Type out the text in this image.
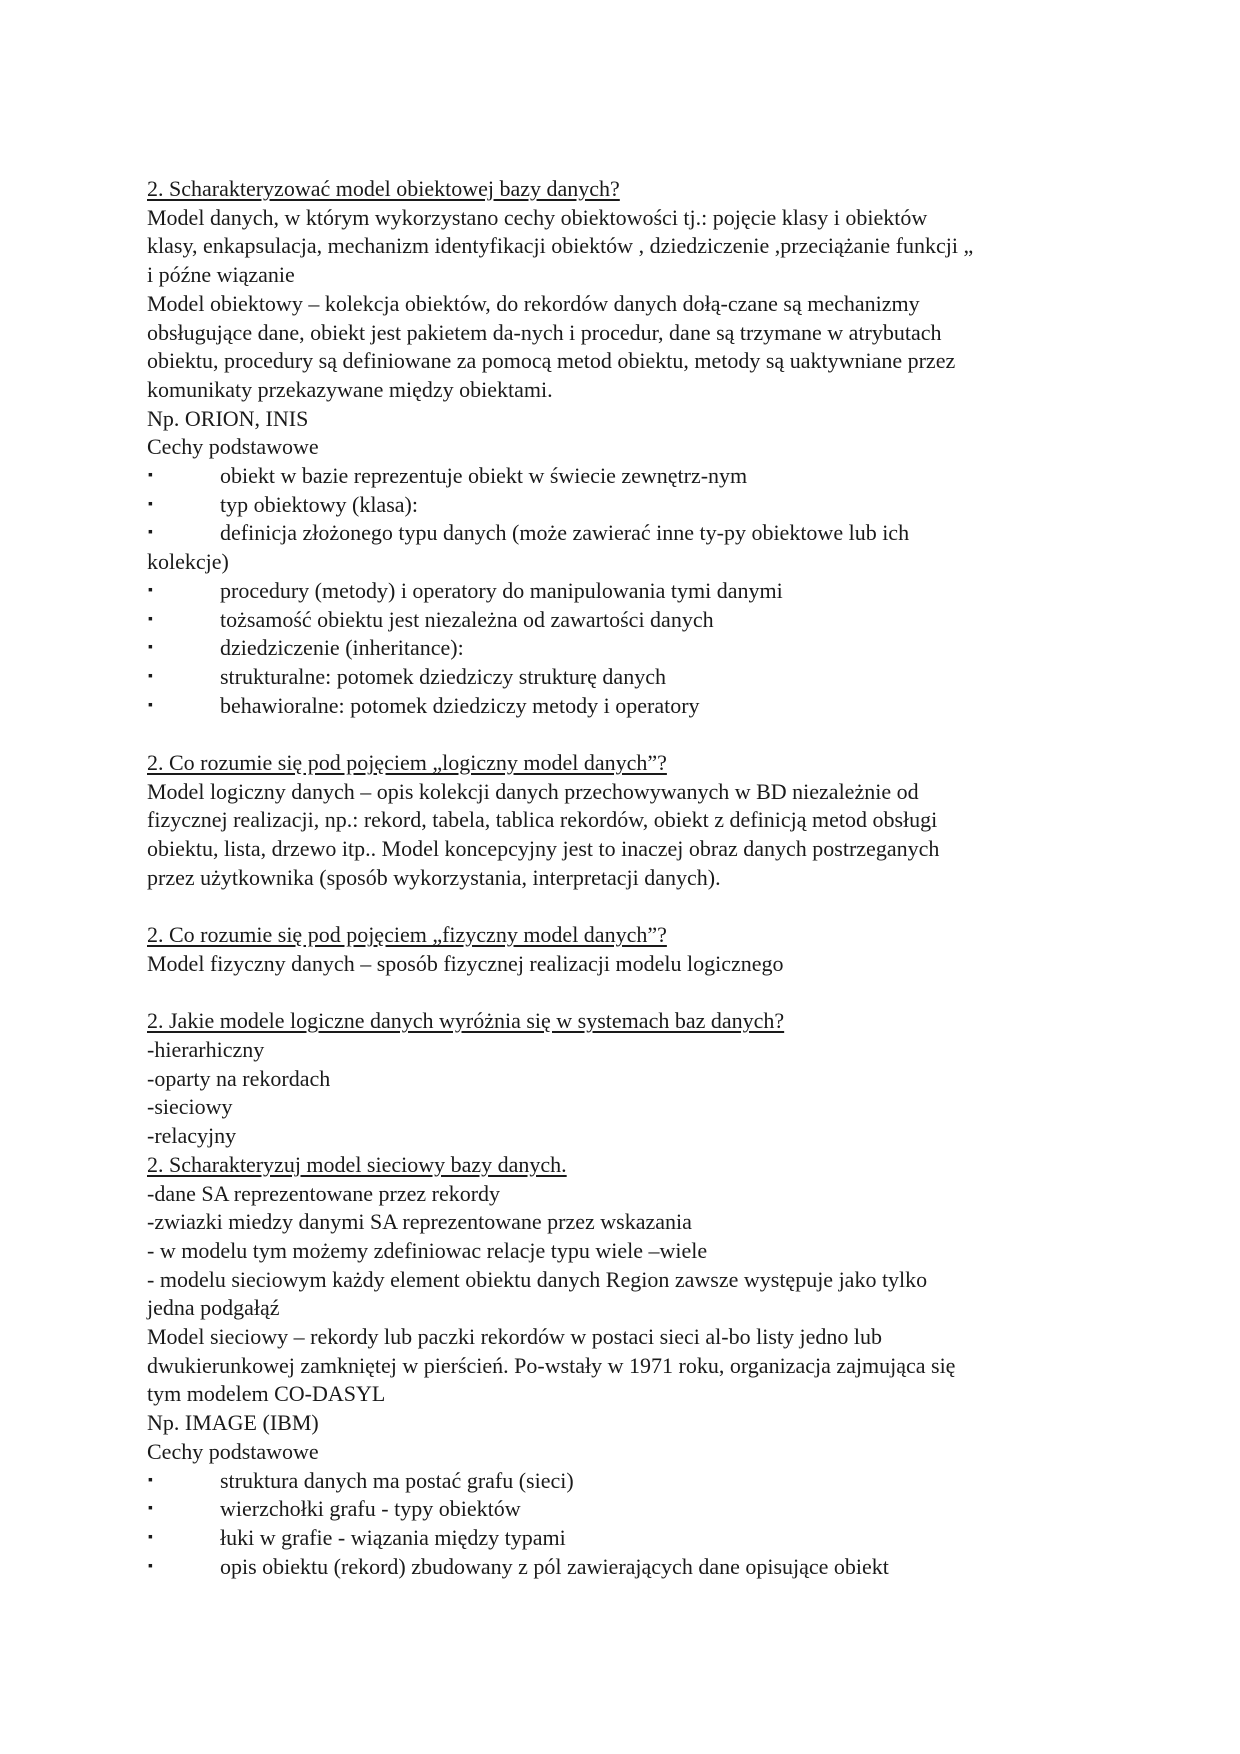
2. Scharakteryzować model obiektowej bazy danych?

Model danych, w którym wykorzystano cechy obiektowości tj.: pojęcie klasy i obiektów

klasy, enkapsulacja, mechanizm identyfikacji obiektów , dziedziczenie ,przeciążanie funkcji „

i późne wiązanie

Model obiektowy – kolekcja obiektów, do rekordów danych dołą-czane są mechanizmy

obsługujące dane, obiekt jest pakietem da-nych i procedur, dane są trzymane w atrybutach

obiektu, procedury są definiowane za pomocą metod obiektu, metody są uaktywniane przez

komunikaty przekazywane między obiektami.

Np. ORION, INIS

Cechy podstawowe

▪	obiekt w bazie reprezentuje obiekt w świecie zewnętrz-nym
▪	typ obiektowy (klasa):
▪	definicja złożonego typu danych (może zawierać inne ty-py obiektowe lub ich

kolekcje)

▪	procedury (metody) i operatory do manipulowania tymi danymi
▪	tożsamość obiektu jest niezależna od zawartości danych
▪	dziedziczenie (inheritance):
▪	strukturalne: potomek dziedziczy strukturę danych
▪	behawioralne: potomek dziedziczy metody i operatory

2. Co rozumie się pod pojęciem „logiczny model danych”?

Model logiczny danych – opis kolekcji danych przechowywanych w BD niezależnie od

fizycznej realizacji, np.: rekord, tabela, tablica rekordów, obiekt z definicją metod obsługi

obiektu, lista, drzewo itp.. Model koncepcyjny jest to inaczej obraz danych postrzeganych

przez użytkownika (sposób wykorzystania, interpretacji danych).

2. Co rozumie się pod pojęciem „fizyczny model danych”?

Model fizyczny danych – sposób fizycznej realizacji modelu logicznego

2. Jakie modele logiczne danych wyróżnia się w systemach baz danych?

-hierarhiczny

-oparty na rekordach

-sieciowy

-relacyjny

2. Scharakteryzuj model sieciowy bazy danych.

-dane SA reprezentowane przez rekordy

-zwiazki miedzy danymi SA reprezentowane przez wskazania

- w modelu tym możemy zdefiniowac relacje typu wiele –wiele

- modelu sieciowym każdy element obiektu danych Region zawsze występuje jako tylko

jedna podgałąź

Model sieciowy – rekordy lub paczki rekordów w postaci sieci al-bo listy jedno lub

dwukierunkowej zamkniętej w pierścień. Po-wstały w 1971 roku, organizacja zajmująca się

tym modelem CO-DASYL

Np. IMAGE (IBM)

Cechy podstawowe

▪	struktura danych ma postać grafu (sieci)
▪	wierzchołki grafu - typy obiektów
▪	łuki w grafie - wiązania między typami
▪	opis obiektu (rekord) zbudowany z pól zawierających dane opisujące obiekt
